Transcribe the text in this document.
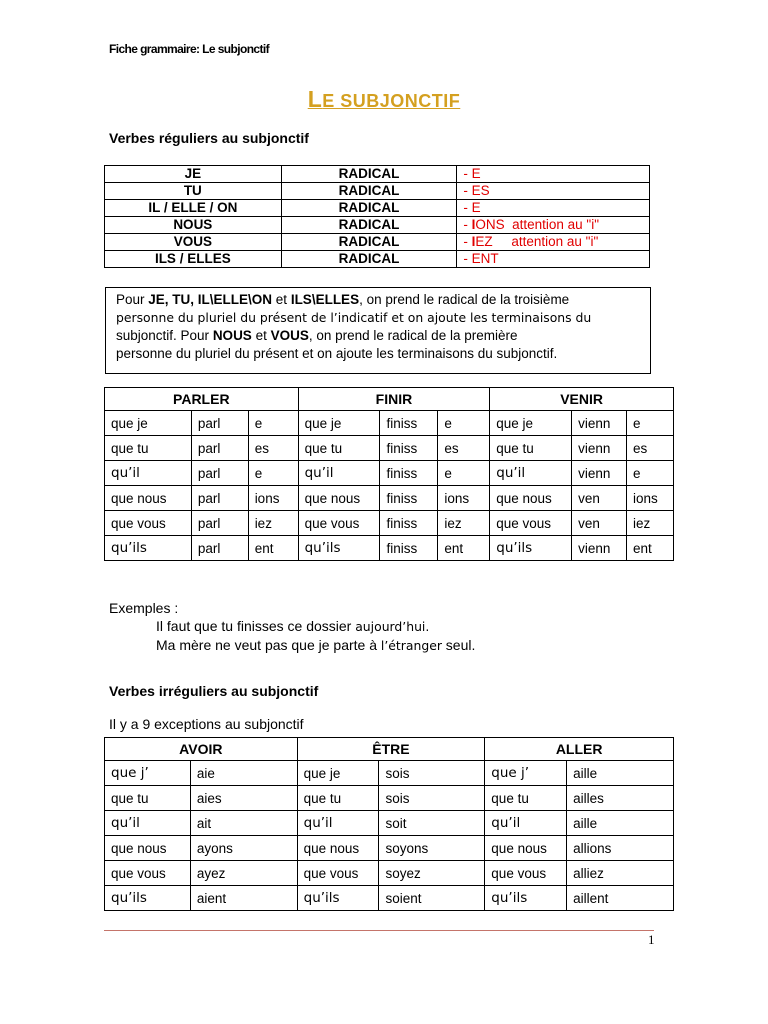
Fiche grammaire: Le subjonctif
LE SUBJONCTIF
Verbes réguliers au subjonctif
JE	RADICAL	- E
TU	RADICAL	- ES
IL / ELLE / ON	RADICAL	- E
NOUS	RADICAL	- IONS attention au "i"
VOUS	RADICAL	- IEZ attention au "i"
ILS / ELLES	RADICAL	- ENT
Pour JE, TU, IL\ELLE\ON et ILS\ELLES, on prend le radical de la troisième
personne du pluriel du présent de l’indicatif et on ajoute les terminaisons du
subjonctif. Pour NOUS et VOUS, on prend le radical de la première
personne du pluriel du présent et on ajoute les terminaisons du subjonctif.
PARLER			FINIR			VENIR		
que je	parl	e	que je	finiss	e	que je	vienn	e
que tu	parl	es	que tu	finiss	es	que tu	vienn	es
qu’il	parl	e	qu’il	finiss	e	qu’il	vienn	e
que nous	parl	ions	que nous	finiss	ions	que nous	ven	ions
que vous	parl	iez	que vous	finiss	iez	que vous	ven	iez
qu’ils	parl	ent	qu’ils	finiss	ent	qu’ils	vienn	ent
Exemples :
Il faut que tu finisses ce dossier aujourd’hui.
Ma mère ne veut pas que je parte à l’étranger seul.
Verbes irréguliers au subjonctif
Il y a 9 exceptions au subjonctif
AVOIR		ÊTRE		ALLER	
que j’	aie	que je	sois	que j’	aille
que tu	aies	que tu	sois	que tu	ailles
qu’il	ait	qu’il	soit	qu’il	aille
que nous	ayons	que nous	soyons	que nous	allions
que vous	ayez	que vous	soyez	que vous	alliez
qu’ils	aient	qu’ils	soient	qu’ils	aillent
1
